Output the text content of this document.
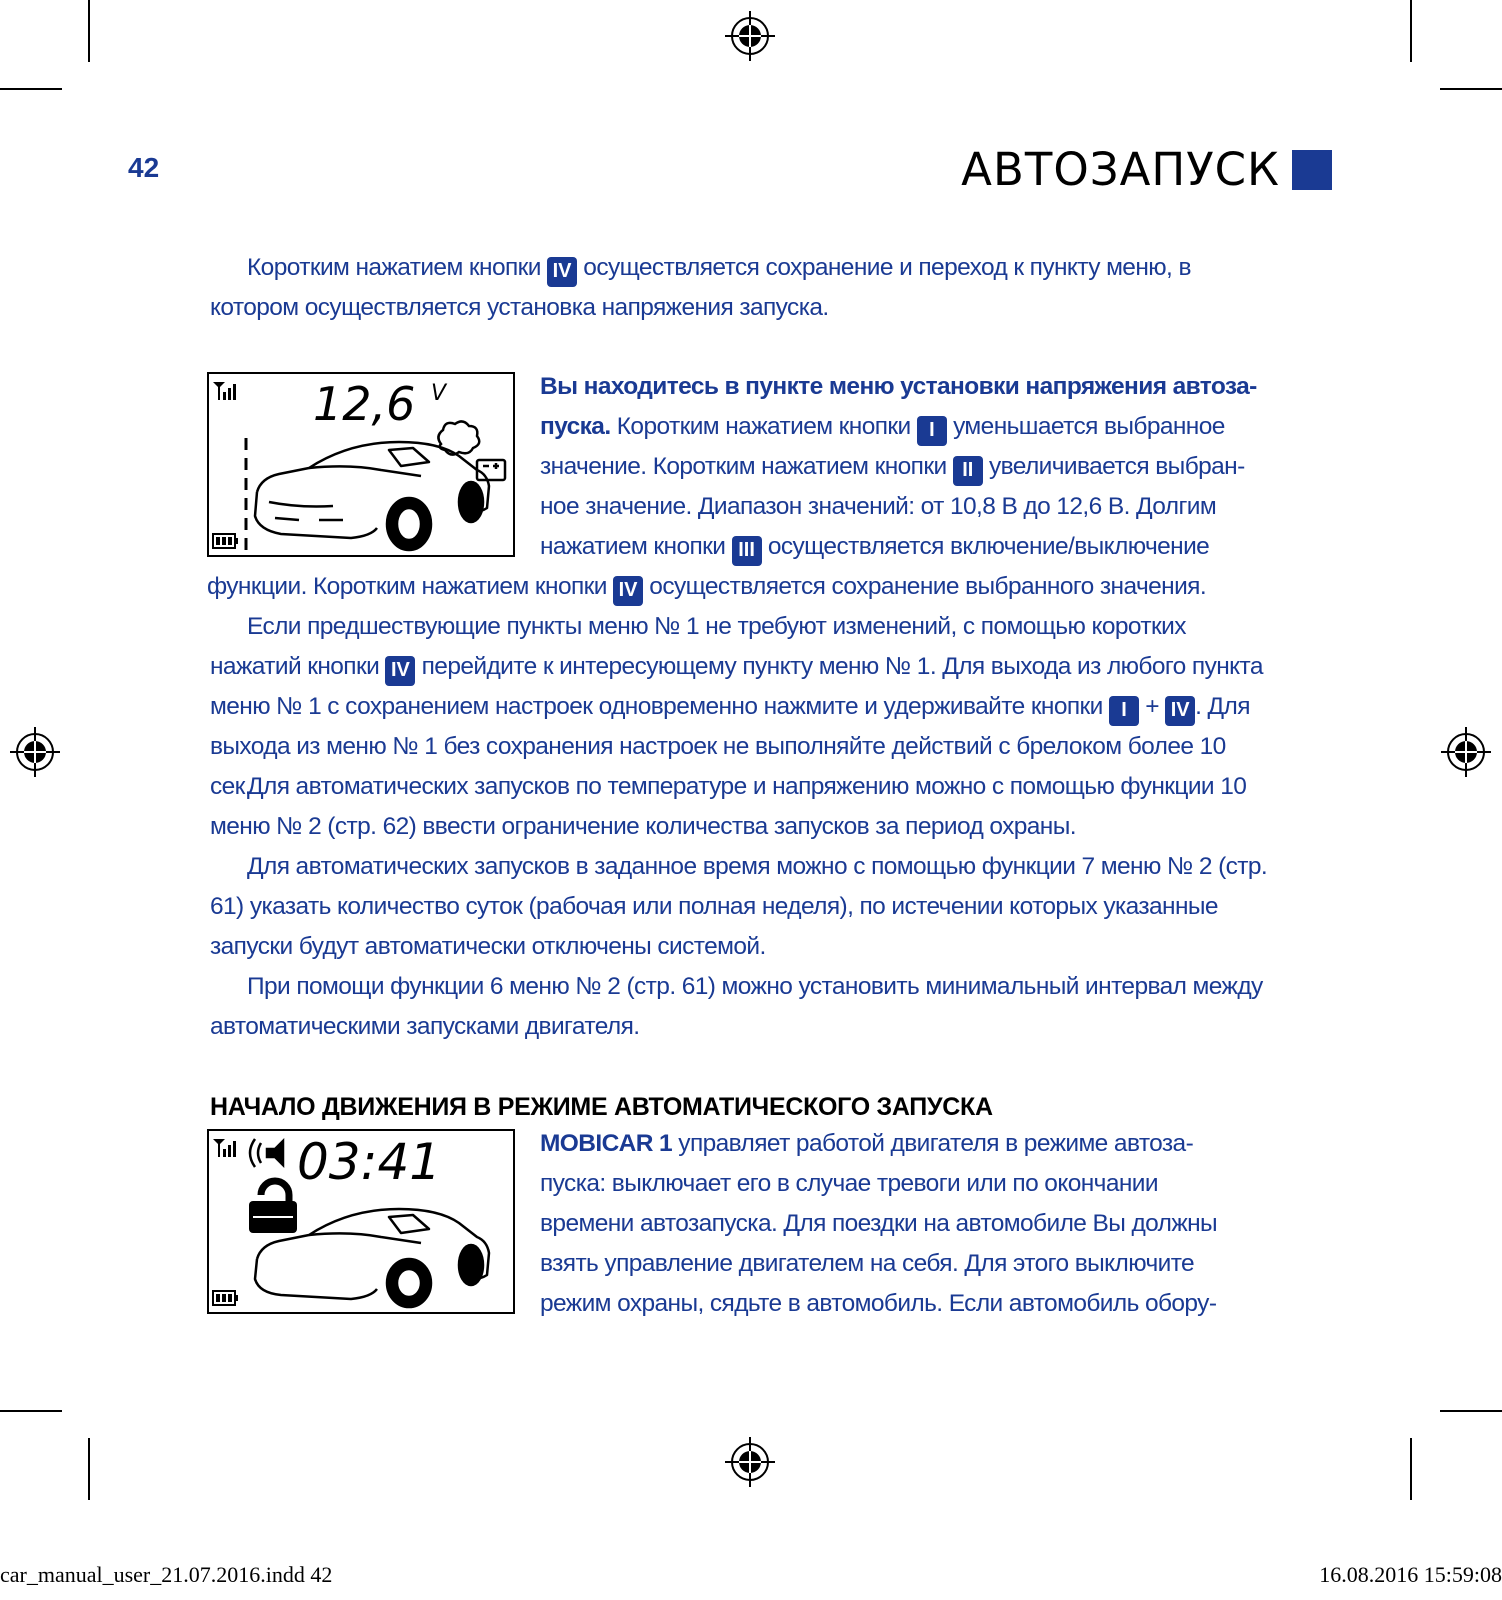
42	АВТОЗАПУСК
Коротким нажатием кнопки IV осуществляется сохранение и переход к пункту меню, в котором осуществляется установка напряжения запуска.
12,6 V	Вы находитесь в пункте меню установки напряжения автоза-
пуска. Коротким нажатием кнопки I уменьшается выбранное
значение. Коротким нажатием кнопки II увеличивается выбран-
ное значение. Диапазон значений: от 10,8 В до 12,6 В. Долгим
нажатием кнопки III осуществляется включение/выключение
функции. Коротким нажатием кнопки IV осуществляется сохранение выбранного значения.
Если предшествующие пункты меню № 1 не требуют изменений, с помощью коротких нажатий кнопки IV перейдите к интересующему пункту меню № 1. Для выхода из любого пункта меню № 1 с сохранением настроек одновременно нажмите и удерживайте кнопки I + IV . Для выхода из меню № 1 без сохранения настроек не выполняйте действий с брелоком более 10 сек.
Для автоматических запусков по температуре и напряжению можно с помощью функции 10 меню № 2 (стр. 62) ввести ограничение количества запусков за период охраны.
Для автоматических запусков в заданное время можно с помощью функции 7 меню № 2 (стр. 61) указать количество суток (рабочая или полная неделя), по истечении которых указанные запуски будут автоматически отключены системой.
При помощи функции 6 меню № 2 (стр. 61) можно установить минимальный интервал между автоматическими запусками двигателя.
НАЧАЛО ДВИЖЕНИЯ В РЕЖИМЕ АВТОМАТИЧЕСКОГО ЗАПУСКА
03:41	MOBICAR 1 управляет работой двигателя в режиме автоза-
пуска: выключает его в случае тревоги или по окончании
времени автозапуска. Для поездки на автомобиле Вы должны
взять управление двигателем на себя. Для этого выключите
режим охраны, сядьте в автомобиль. Если автомобиль обору-
car_manual_user_21.07.2016.indd 42	16.08.2016 15:59:08
